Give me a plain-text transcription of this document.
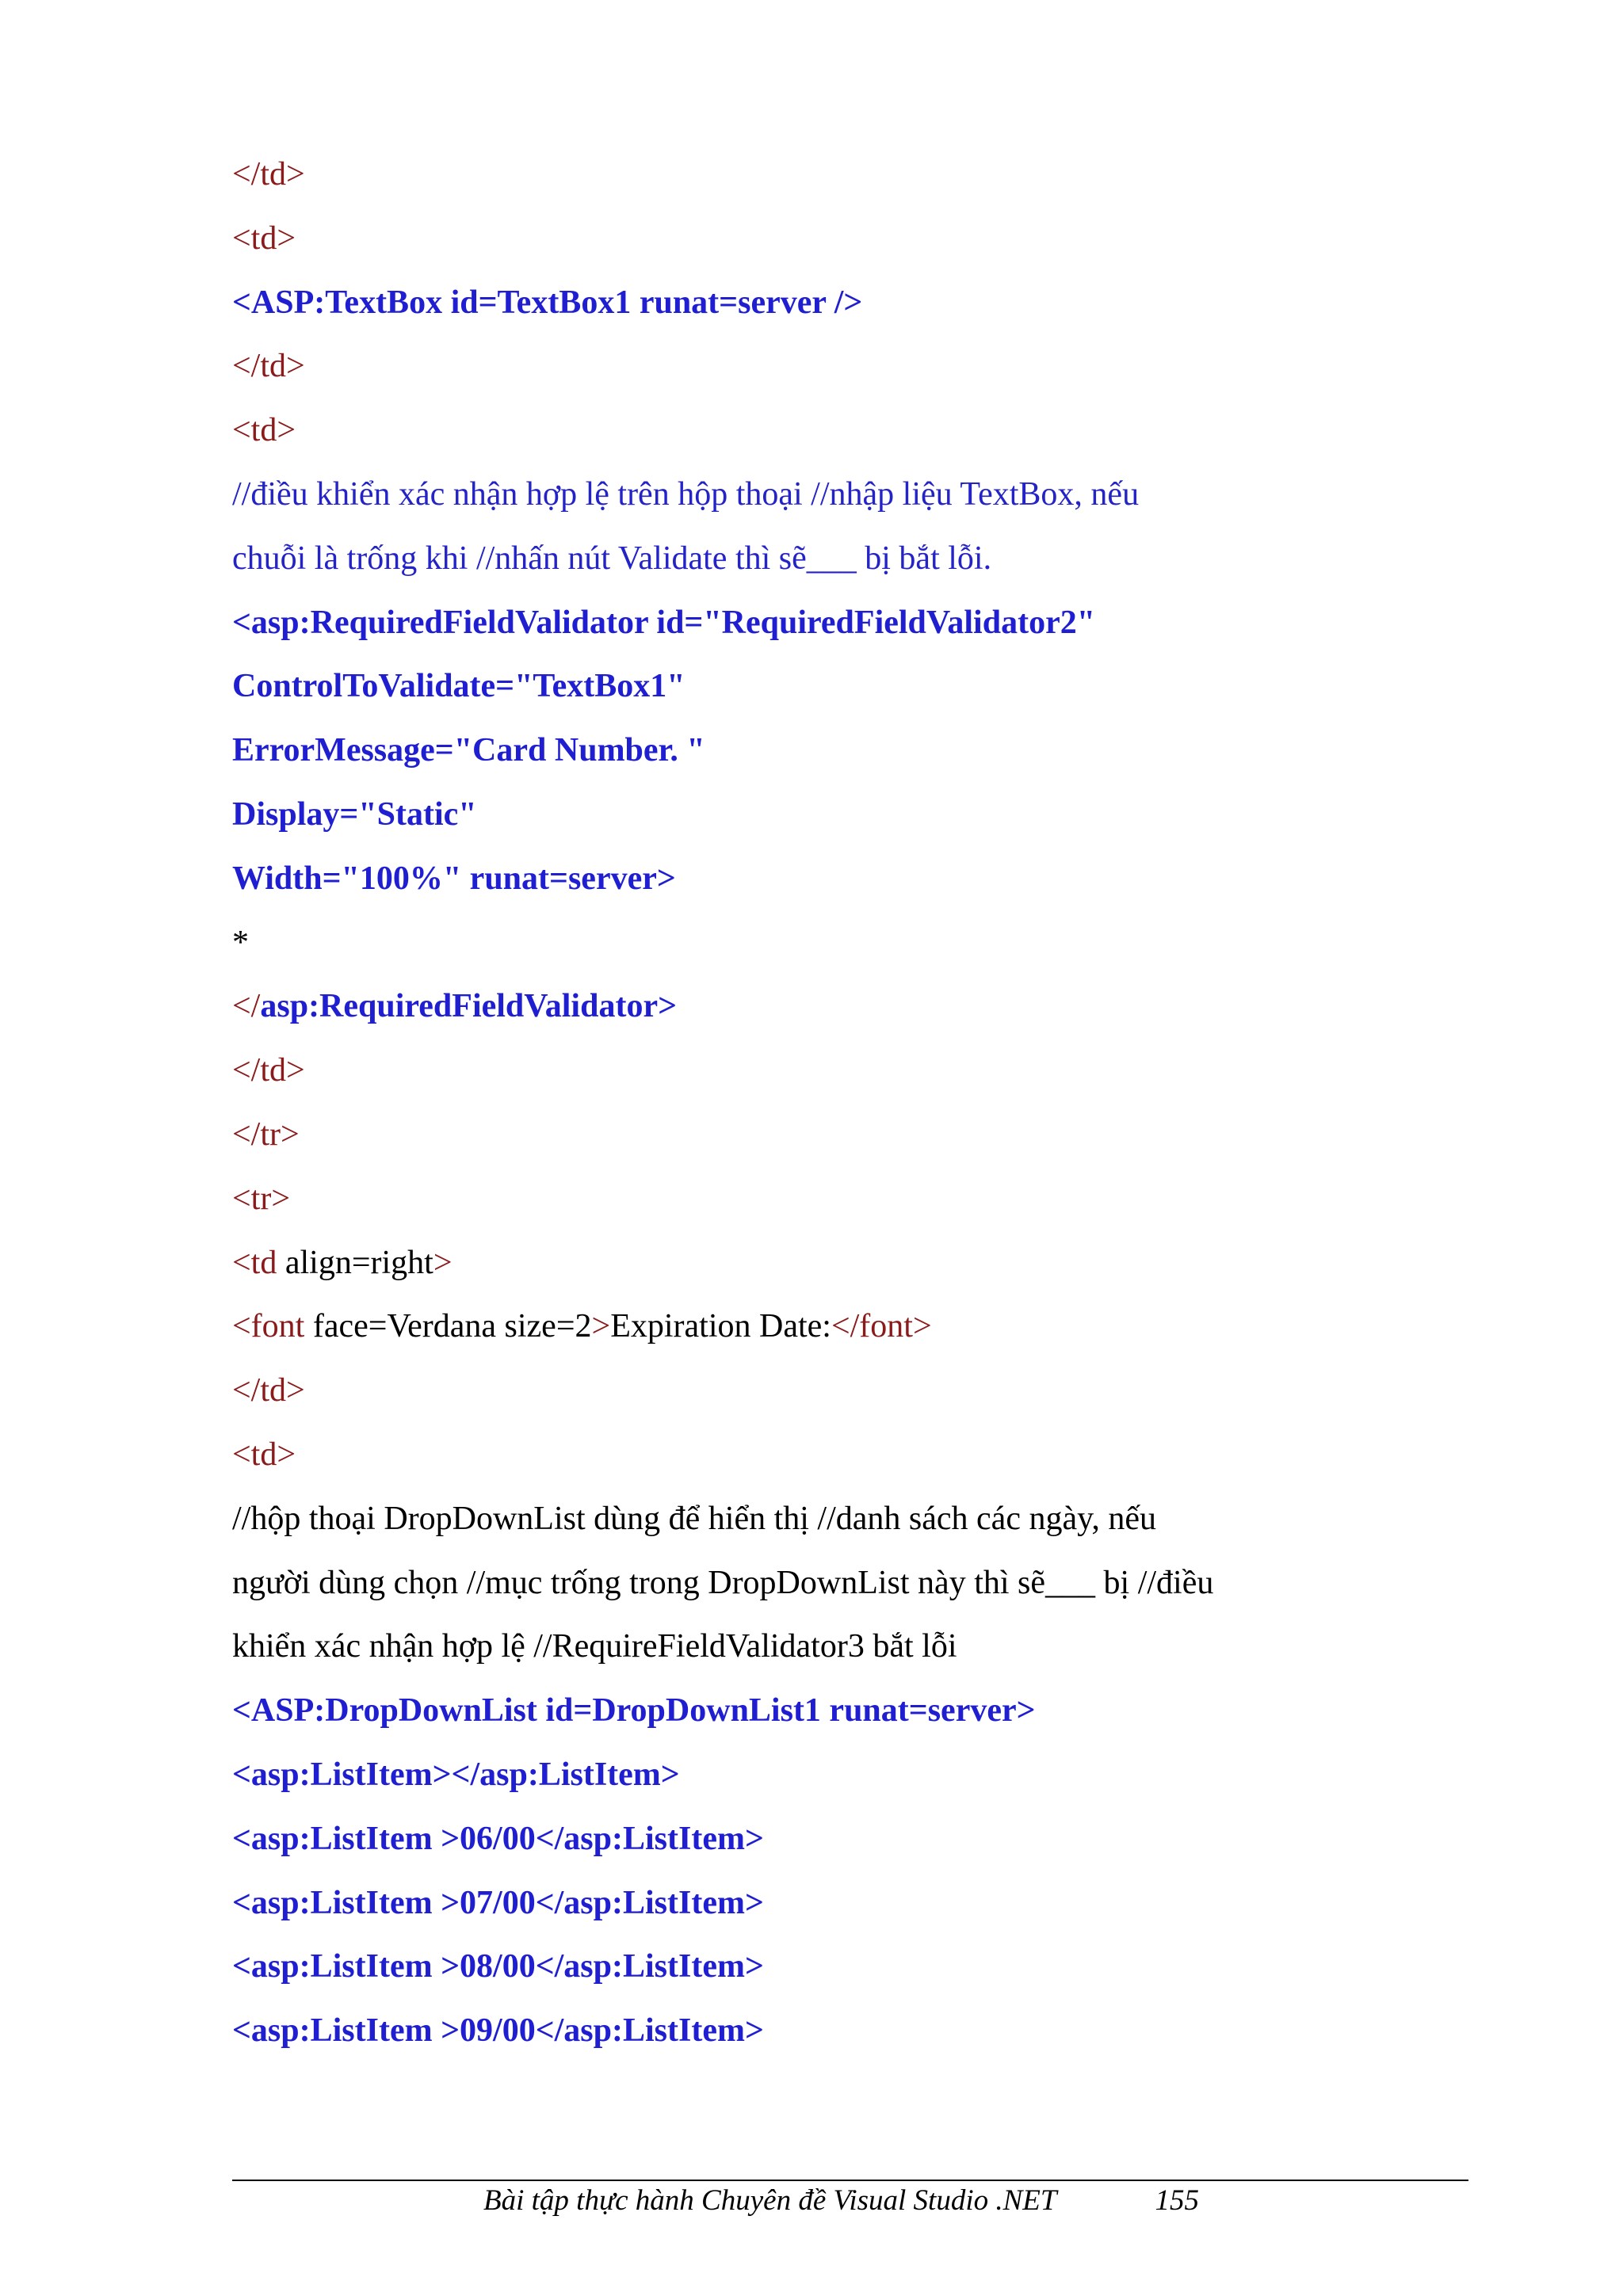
</td>
<td>
<ASP:TextBox id=TextBox1 runat=server />
</td>
<td>
//điều khiển xác nhận hợp lệ trên hộp thoại //nhập liệu TextBox, nếu
chuỗi là trống khi //nhấn nút Validate thì sẽ___ bị bắt lỗi.
<asp:RequiredFieldValidator id="RequiredFieldValidator2"
ControlToValidate="TextBox1"
ErrorMessage="Card Number. "
Display="Static"
Width="100%" runat=server>
*
</asp:RequiredFieldValidator>
</td>
</tr>
<tr>
<td align=right>
<font face=Verdana size=2>Expiration Date:</font>
</td>
<td>
//hộp thoại DropDownList dùng để hiển thị //danh sách các ngày, nếu
người dùng chọn //mục trống trong DropDownList này thì sẽ___ bị //điều
khiển xác nhận hợp lệ //RequireFieldValidator3 bắt lỗi
<ASP:DropDownList id=DropDownList1 runat=server>
<asp:ListItem></asp:ListItem>
<asp:ListItem >06/00</asp:ListItem>
<asp:ListItem >07/00</asp:ListItem>
<asp:ListItem >08/00</asp:ListItem>
<asp:ListItem >09/00</asp:ListItem>
Bài tập thực hành Chuyên đề Visual Studio .NET	155
